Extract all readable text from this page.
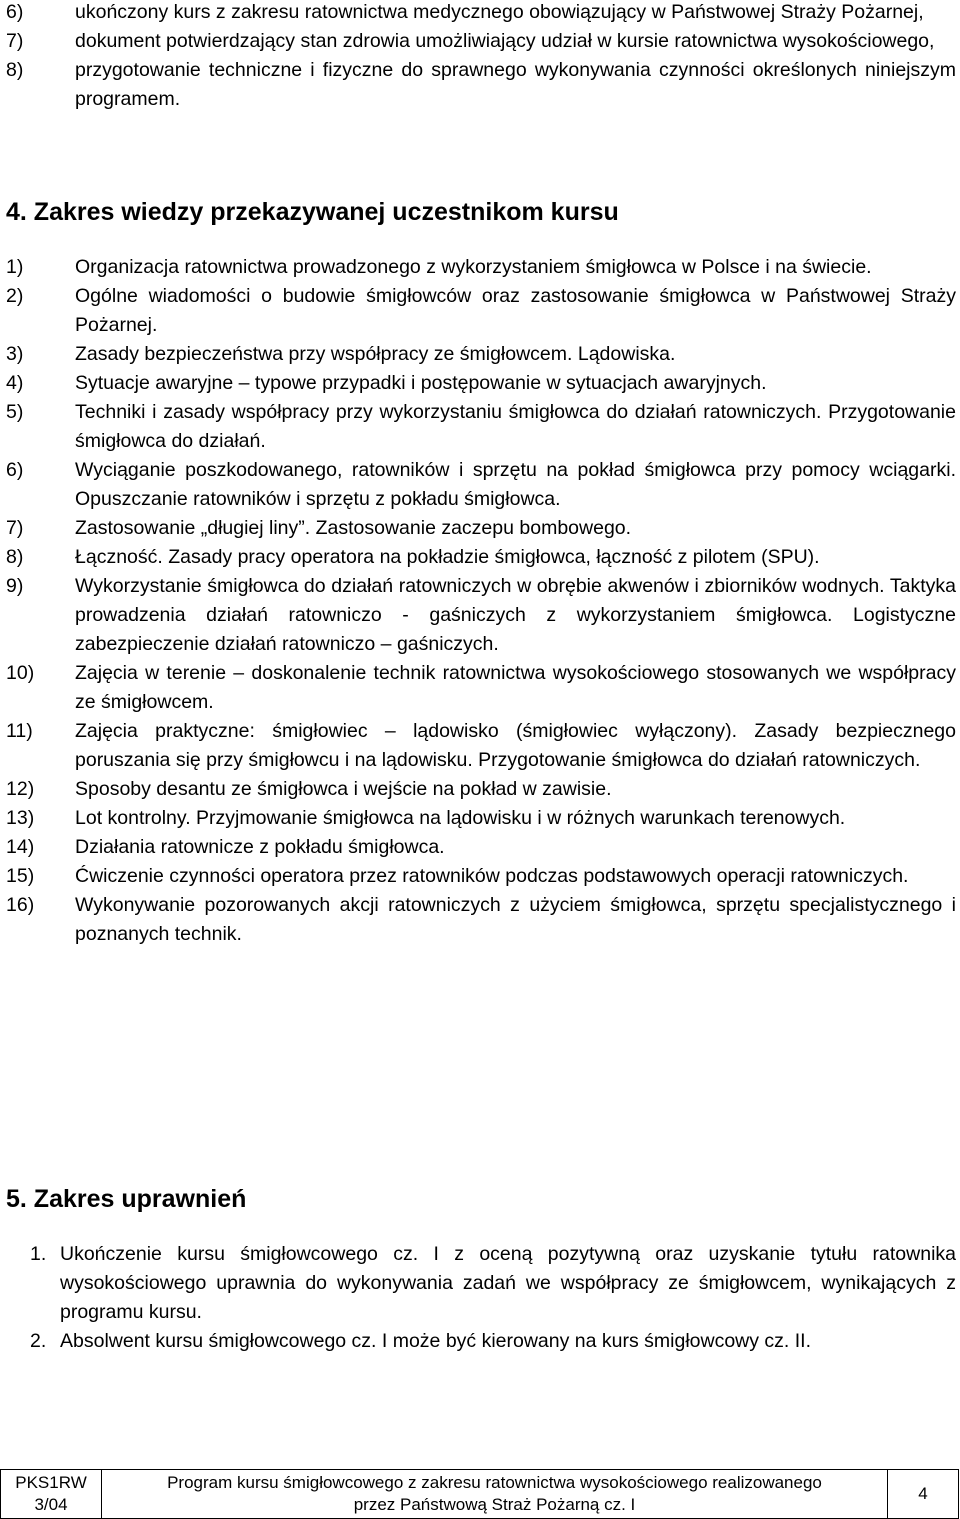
6)	ukończony kurs z zakresu ratownictwa medycznego obowiązujący w Państwowej Straży Pożarnej,
7)	dokument potwierdzający stan zdrowia umożliwiający udział w kursie ratownictwa wysokościowego,
8)	przygotowanie techniczne i fizyczne do sprawnego wykonywania czynności określonych niniejszym programem.
4. Zakres wiedzy przekazywanej uczestnikom kursu
1)	Organizacja ratownictwa prowadzonego z wykorzystaniem śmigłowca w Polsce i na świecie.
2)	Ogólne wiadomości o budowie śmigłowców oraz zastosowanie śmigłowca w Państwowej Straży Pożarnej.
3)	Zasady bezpieczeństwa przy współpracy ze śmigłowcem. Lądowiska.
4)	Sytuacje awaryjne – typowe przypadki i postępowanie w sytuacjach awaryjnych.
5)	Techniki i zasady współpracy przy wykorzystaniu śmigłowca do działań ratowniczych. Przygotowanie śmigłowca do działań.
6)	Wyciąganie poszkodowanego, ratowników i sprzętu na pokład śmigłowca przy pomocy wciągarki. Opuszczanie ratowników i sprzętu z pokładu śmigłowca.
7)	Zastosowanie „długiej liny”. Zastosowanie zaczepu bombowego.
8)	Łączność. Zasady pracy operatora na pokładzie śmigłowca, łączność z pilotem (SPU).
9)	Wykorzystanie śmigłowca do działań ratowniczych w obrębie akwenów i zbiorników wodnych. Taktyka prowadzenia działań ratowniczo - gaśniczych z wykorzystaniem śmigłowca. Logistyczne zabezpieczenie działań ratowniczo – gaśniczych.
10)	Zajęcia w terenie – doskonalenie technik ratownictwa wysokościowego stosowanych we współpracy ze śmigłowcem.
11)	Zajęcia praktyczne: śmigłowiec – lądowisko (śmigłowiec wyłączony). Zasady bezpiecznego poruszania się przy śmigłowcu i na lądowisku. Przygotowanie śmigłowca do działań ratowniczych.
12)	Sposoby desantu ze śmigłowca i wejście na pokład w zawisie.
13)	Lot kontrolny. Przyjmowanie śmigłowca na lądowisku i w różnych warunkach terenowych.
14)	Działania ratownicze z pokładu śmigłowca.
15)	Ćwiczenie czynności operatora przez ratowników podczas podstawowych operacji ratowniczych.
16)	Wykonywanie pozorowanych akcji ratowniczych z użyciem śmigłowca, sprzętu specjalistycznego i poznanych technik.
5. Zakres uprawnień
1. Ukończenie kursu śmigłowcowego cz. I z oceną pozytywną oraz uzyskanie tytułu ratownika wysokościowego uprawnia do wykonywania zadań we współpracy ze śmigłowcem, wynikających z programu kursu.
2. Absolwent kursu śmigłowcowego cz. I może być kierowany na kurs śmigłowcowy cz. II.
PKS1RW
3/04
Program kursu śmigłowcowego z zakresu ratownictwa wysokościowego realizowanego
przez Państwową Straż Pożarną cz. I
4
